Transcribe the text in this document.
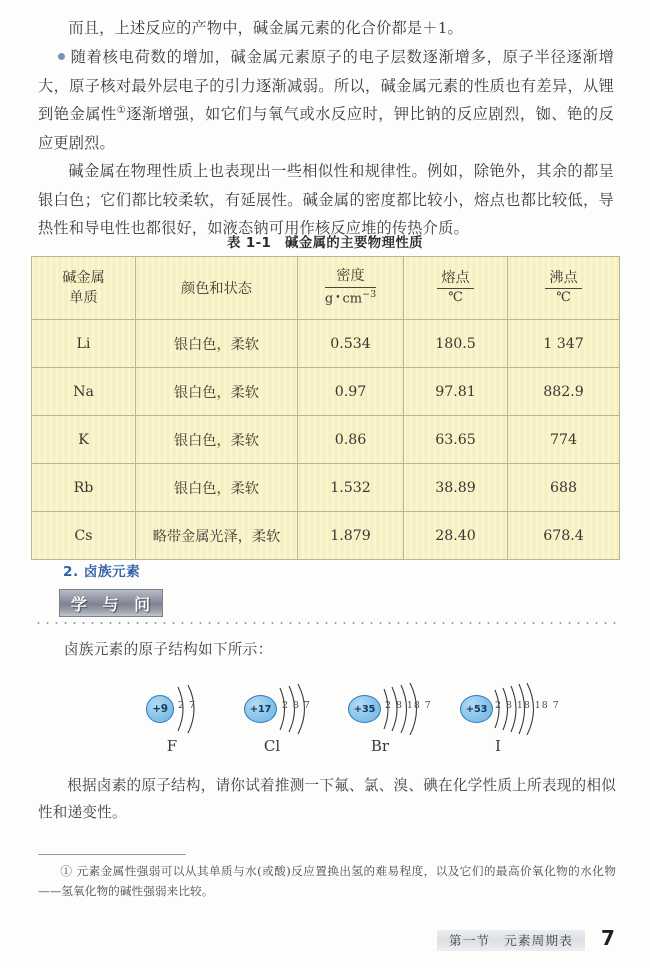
而且，上述反应的产物中，碱金属元素的化合价都是＋1。
随着核电荷数的增加，碱金属元素原子的电子层数逐渐增多，原子半径逐渐增大，原子核对最外层电子的引力逐渐减弱。所以，碱金属元素的性质也有差异，从锂到铯金属性①逐渐增强，如它们与氧气或水反应时，钾比钠的反应剧烈，铷、铯的反应更剧烈。
碱金属在物理性质上也表现出一些相似性和规律性。例如，除铯外，其余的都呈银白色；它们都比较柔软，有延展性。碱金属的密度都比较小，熔点也都比较低，导热性和导电性也都很好，如液态钠可用作核反应堆的传热介质。
表 1-1　碱金属的主要物理性质
碱金属
单质
	颜色和状态	$\frac{\text{密度}}{g • cm^{-3}}$	$\frac{\text{熔点}}{℃}$	$\frac{\text{沸点}}{℃}$

Li	银白色，柔软	0.534	180.5	1 347
Na	银白色，柔软	0.97	97.81	882.9
K	银白色，柔软	0.86	63.65	774
Rb	银白色，柔软	1.532	38.89	688
Cs	略带金属光泽，柔软	1.879	28.40	678.4
2. 卤族元素
学 与 问
卤族元素的原子结构如下所示：
+9	2 7
F
+17	2 8 7
Cl
+35	2 8 18 7
Br
+53 2 8 18 18 7
I
根据卤素的原子结构，请你试着推测一下氟、氯、溴、碘在化学性质上所表现的相似性和递变性。
① 元素金属性强弱可以从其单质与水(或酸)反应置换出氢的难易程度，以及它们的最高价氧化物的水化物——氢氧化物的碱性强弱来比较。
第一节　元素周期表	7
